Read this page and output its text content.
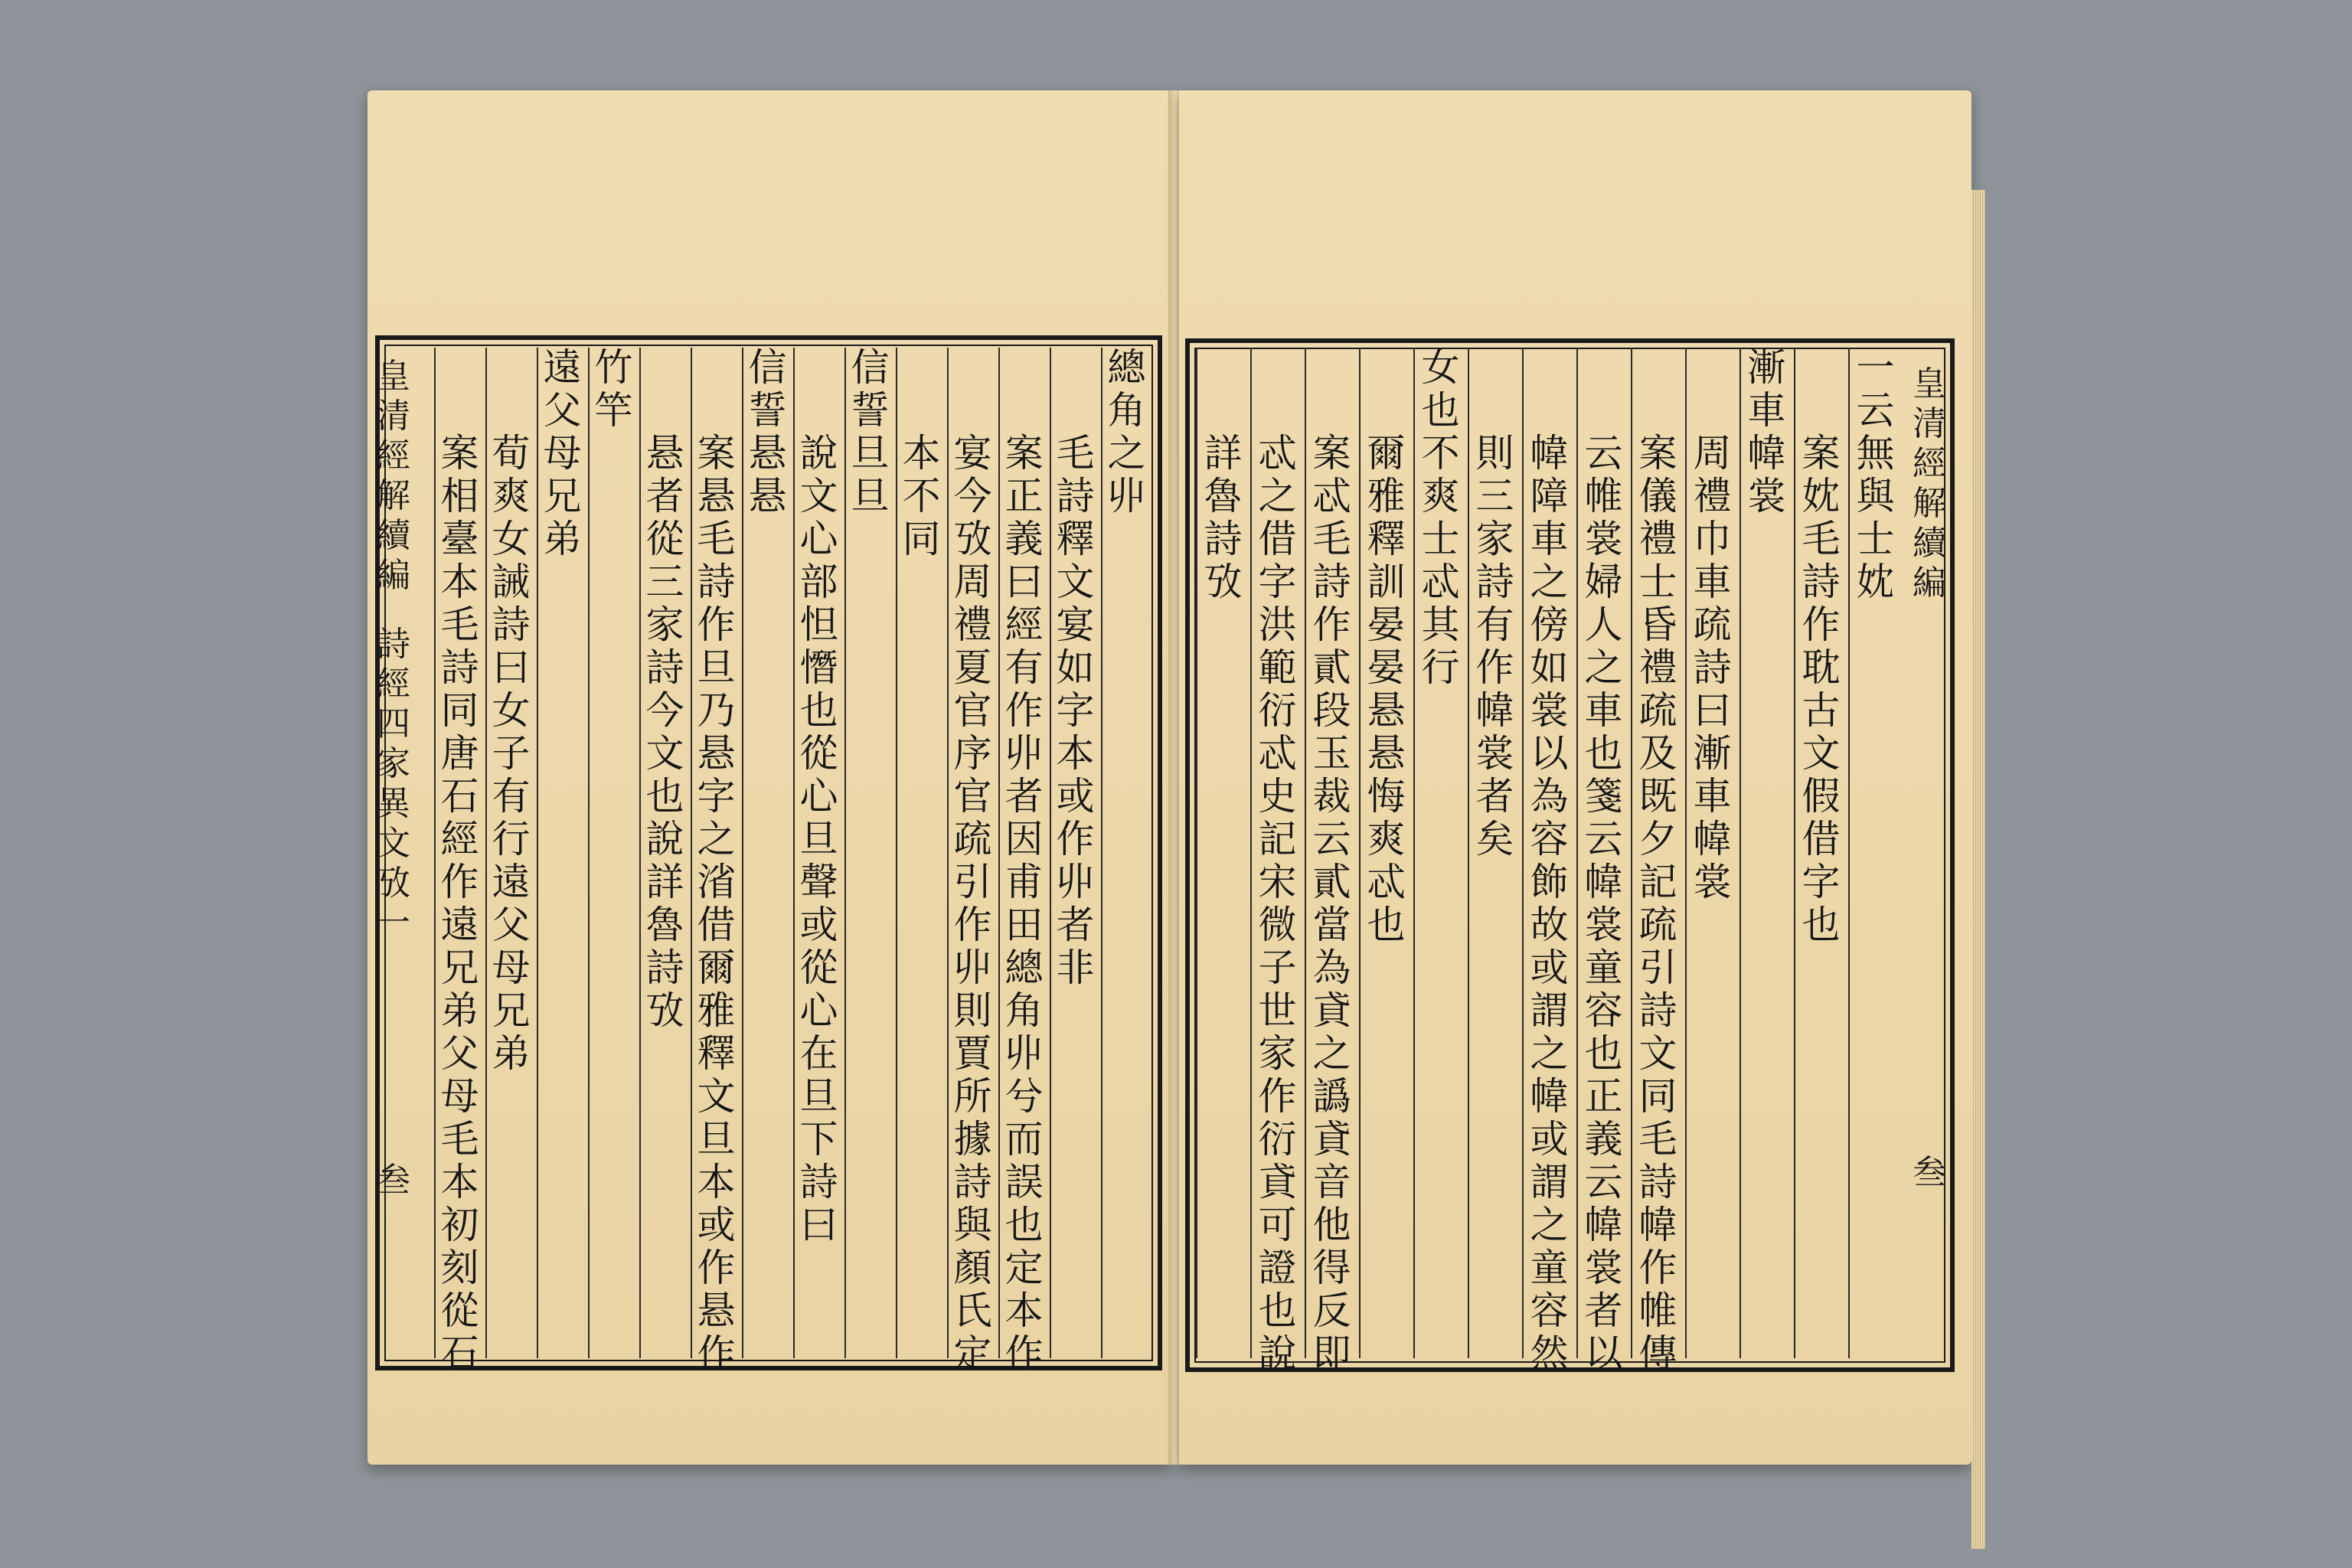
總
角
之
丱
毛
詩
釋
文
宴
如
字
本
或
作
丱
者
非
案
正
義
曰
經
有
作
丱
者
因
甫
田
總
角
丱
兮
而
誤
也
定
本
作
宴
今
攷
周
禮
夏
官
序
官
疏
引
作
丱
則
賈
所
據
詩
與
顏
氏
定
本
不
同
信
誓
旦
旦
說
文
心
部
怛
憯
也
從
心
旦
聲
或
從
心
在
旦
下
詩
曰
信
誓
悬
悬
案
悬
毛
詩
作
旦
乃
悬
字
之
渻
借
爾
雅
釋
文
旦
本
或
作
悬
作
悬
者
從
三
家
詩
今
文
也
說
詳
魯
詩
攷
竹
竿
遠
父
母
兄
弟
荀
爽
女
誡
詩
曰
女
子
有
行
遠
父
母
兄
弟
案
相
臺
本
毛
詩
同
唐
石
經
作
遠
兄
弟
父
母
毛
本
初
刻
從
石
一
云
無
與
士
妉
案
妉
毛
詩
作
耽
古
文
假
借
字
也
漸
車
幃
裳
周
禮
巾
車
疏
詩
曰
漸
車
幃
裳
案
儀
禮
士
昏
禮
疏
及
既
夕
記
疏
引
詩
文
同
毛
詩
幃
作
帷
傳
云
帷
裳
婦
人
之
車
也
箋
云
幃
裳
童
容
也
正
義
云
幃
裳
者
以
幃
障
車
之
傍
如
裳
以
為
容
飾
故
或
謂
之
幃
或
謂
之
童
容
然
則
三
家
詩
有
作
幃
裳
者
矣
女
也
不
爽
士
忒
其
行
爾
雅
釋
訓
晏
晏
悬
悬
悔
爽
忒
也
案
忒
毛
詩
作
貳
段
玉
裁
云
貳
當
為
貣
之
譌
貣
音
他
得
反
即
忒
之
借
字
洪
範
衍
忒
史
記
宋
微
子
世
家
作
衍
貣
可
證
也
說
詳
魯
詩
攷
皇
清
經
解
續
編
詩
經
四
家
異
文
攷
一
叁
皇
清
經
解
續
編
叁
